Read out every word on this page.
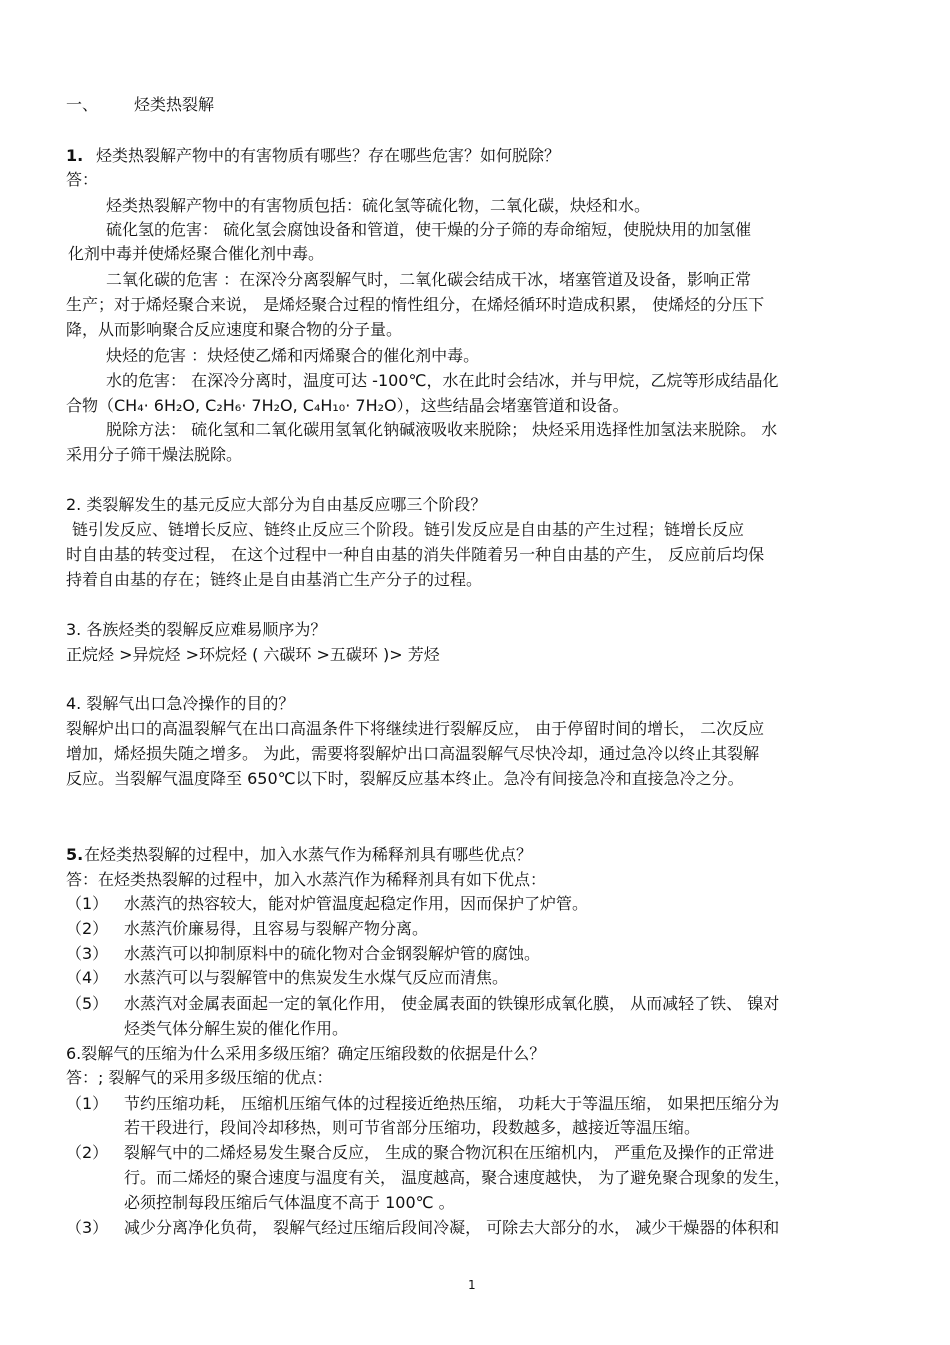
一、 烃类热裂解
1. 烃类热裂解产物中的有害物质有哪些？存在哪些危害？如何脱除？
答：
烃类热裂解产物中的有害物质包括：硫化氢等硫化物，二氧化碳，炔烃和水。
硫化氢的危害： 硫化氢会腐蚀设备和管道，使干燥的分子筛的寿命缩短，使脱炔用的加氢催
化剂中毒并使烯烃聚合催化剂中毒。
二氧化碳的危害 ：在深冷分离裂解气时，二氧化碳会结成干冰，堵塞管道及设备，影响正常
生产；对于烯烃聚合来说， 是烯烃聚合过程的惰性组分，在烯烃循环时造成积累， 使烯烃的分压下
降，从而影响聚合反应速度和聚合物的分子量。
炔烃的危害 ：炔烃使乙烯和丙烯聚合的催化剂中毒。
水的危害： 在深冷分离时，温度可达 -100℃，水在此时会结冰，并与甲烷，乙烷等形成结晶化
合物（CH₄· 6H₂O, C₂H₆· 7H₂O, C₄H₁₀· 7H₂O），这些结晶会堵塞管道和设备。
脱除方法： 硫化氢和二氧化碳用氢氧化钠碱液吸收来脱除； 炔烃采用选择性加氢法来脱除。 水
采用分子筛干燥法脱除。
2. 类裂解发生的基元反应大部分为自由基反应哪三个阶段？
链引发反应、链增长反应、链终止反应三个阶段。链引发反应是自由基的产生过程；链增长反应
时自由基的转变过程， 在这个过程中一种自由基的消失伴随着另一种自由基的产生， 反应前后均保
持着自由基的存在；链终止是自由基消亡生产分子的过程。
3. 各族烃类的裂解反应难易顺序为？
正烷烃 >异烷烃 >环烷烃 ( 六碳环 >五碳环 )> 芳烃
4. 裂解气出口急冷操作的目的？
裂解炉出口的高温裂解气在出口高温条件下将继续进行裂解反应， 由于停留时间的增长， 二次反应
增加，烯烃损失随之增多。 为此，需要将裂解炉出口高温裂解气尽快冷却，通过急冷以终止其裂解
反应。当裂解气温度降至 650℃以下时，裂解反应基本终止。急冷有间接急冷和直接急冷之分。
5. 在烃类热裂解的过程中，加入水蒸气作为稀释剂具有哪些优点？
答：在烃类热裂解的过程中，加入水蒸汽作为稀释剂具有如下优点：
（1） 水蒸汽的热容较大，能对炉管温度起稳定作用，因而保护了炉管。
（2） 水蒸汽价廉易得，且容易与裂解产物分离。
（3） 水蒸汽可以抑制原料中的硫化物对合金钢裂解炉管的腐蚀。
（4） 水蒸汽可以与裂解管中的焦炭发生水煤气反应而清焦。
（5） 水蒸汽对金属表面起一定的氧化作用， 使金属表面的铁镍形成氧化膜， 从而减轻了铁、 镍对
烃类气体分解生炭的催化作用。
6.裂解气的压缩为什么采用多级压缩？确定压缩段数的依据是什么？
答：; 裂解气的采用多级压缩的优点：
（1） 节约压缩功耗， 压缩机压缩气体的过程接近绝热压缩， 功耗大于等温压缩， 如果把压缩分为
若干段进行，段间冷却移热，则可节省部分压缩功，段数越多，越接近等温压缩。
（2） 裂解气中的二烯烃易发生聚合反应， 生成的聚合物沉积在压缩机内， 严重危及操作的正常进
行。而二烯烃的聚合速度与温度有关， 温度越高，聚合速度越快， 为了避免聚合现象的发生，
必须控制每段压缩后气体温度不高于 100℃ 。
（3） 减少分离净化负荷， 裂解气经过压缩后段间冷凝， 可除去大部分的水， 减少干燥器的体积和
1
